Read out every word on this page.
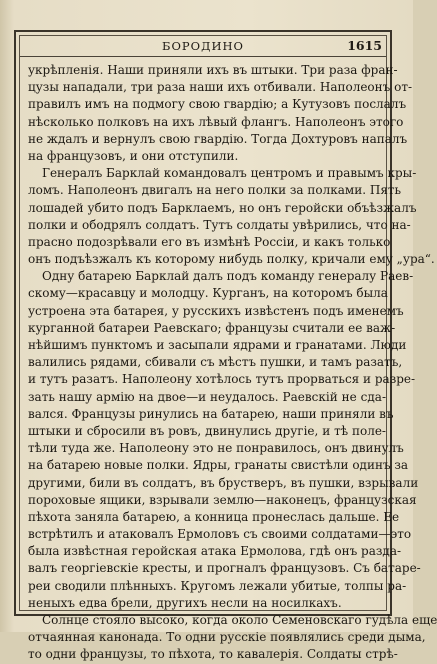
БОРОДИНО	1615
укрѣпленія. Наши приняли ихъ въ штыки. Три раза фран-
цузы нападали, три раза наши ихъ отбивали. Наполеонъ от-
правилъ имъ на подмогу свою гвардію; а Кутузовъ послалъ
нѣсколько полковъ на ихъ лѣвый флангъ. Наполеонъ этого
не ждалъ и вернулъ свою гвардію. Тогда Дохтуровъ напалъ
на французовъ, и они отступили.
Генералъ Барклай командовалъ центромъ и правымъ кры-
ломъ. Наполеонъ двигалъ на него полки за полками. Пять
лошадей убито подъ Барклаемъ, но онъ геройски объѣзжалъ
полки и ободрялъ солдатъ. Тутъ солдаты увѣрились, что на-
прасно подозрѣвали его въ измѣнѣ Россіи, и какъ только
онъ подъѣзжалъ къ которому нибудь полку, кричали ему „ура“.
Одну батарею Барклай далъ подъ команду генералу Раев-
скому—красавцу и молодцу. Курганъ, на которомъ была
устроена эта батарея, у русскихъ извѣстенъ подъ именемъ
курганной батареи Раевскаго; французы считали ее важ-
нѣйшимъ пунктомъ и засыпали ядрами и гранатами. Люди
валились рядами, сбивали съ мѣстъ пушки, и тамъ разатъ,
и тутъ разатъ. Наполеону хотѣлось тутъ прорваться и разре-
зать нашу армію на двое—и неудалось. Раевскій не сда-
вался. Французы ринулись на батарею, наши приняли въ
штыки и сбросили въ ровъ, двинулись другіе, и тѣ поле-
тѣли туда же. Наполеону это не понравилось, онъ двинулъ
на батарею новые полки. Ядры, гранаты свистѣли одинъ за
другими, били въ солдатъ, въ брустверъ, въ пушки, взрывали
пороховые ящики, взрывали землю—наконецъ, французская
пѣхота заняла батарею, а конница пронеслась дальше. Ее
встрѣтилъ и атаковалъ Ермоловъ съ своими солдатами—это
была извѣстная геройская атака Ермолова, гдѣ онъ разда-
валъ георгіевскіе кресты, и прогналъ французовъ. Съ батаре-
реи сводили плѣнныхъ. Кругомъ лежали убитые, толпы ра-
неныхъ едва брели, другихъ несли на носилкахъ.
Солнце стояло высоко, когда около Семеновскаго гудѣла еще
отчаянная канонада. То одни русскіе появлялись среди дыма,
то одни французы, то пѣхота, то кавалерія. Солдаты стрѣ-
